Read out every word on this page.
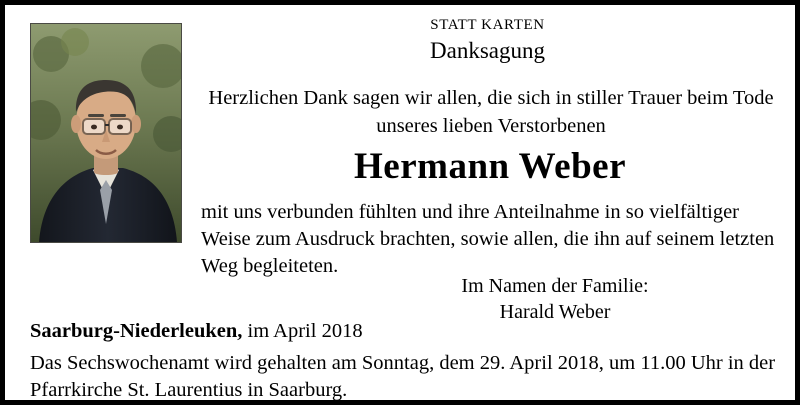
STATT KARTEN
Danksagung
Herzlichen Dank sagen wir allen, die sich in stiller Trauer beim Tode unseres lieben Verstorbenen
Hermann Weber
mit uns verbunden fühlten und ihre Anteilnahme in so vielfältiger Weise zum Ausdruck brachten, sowie allen, die ihn auf seinem letzten Weg begleiteten.
Im Namen der Familie:
Harald Weber
Saarburg-Niederleuken, im April 2018
Das Sechswochenamt wird gehalten am Sonntag, dem 29. April 2018, um 11.00 Uhr in der Pfarrkirche St. Laurentius in Saarburg.
